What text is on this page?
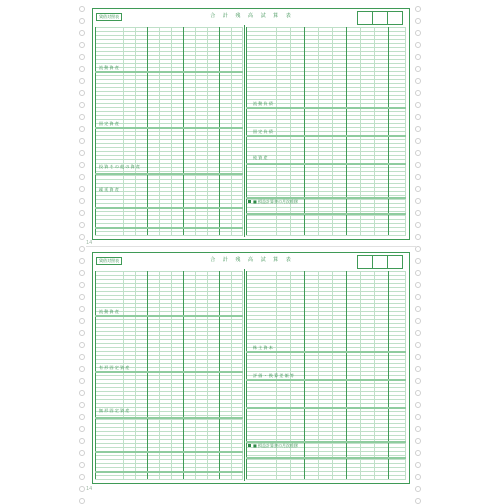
貸借対照表	合 計 残 高 試 算 表
流 動 資 産
固 定 資 産
投 資 そ の 他 の 資 産
繰 延 資 産
流 動 負 債
固 定 負 債
純 資 産
■ 損益計算書の月次推移
貸借対照表	合 計 残 高 試 算 表
流 動 資 産
有 形 固 定 資 産
無 形 固 定 資 産
株 主 資 本
評 価 ・ 換 算 差 額 等
■ 損益計算書の月次推移
14
14
